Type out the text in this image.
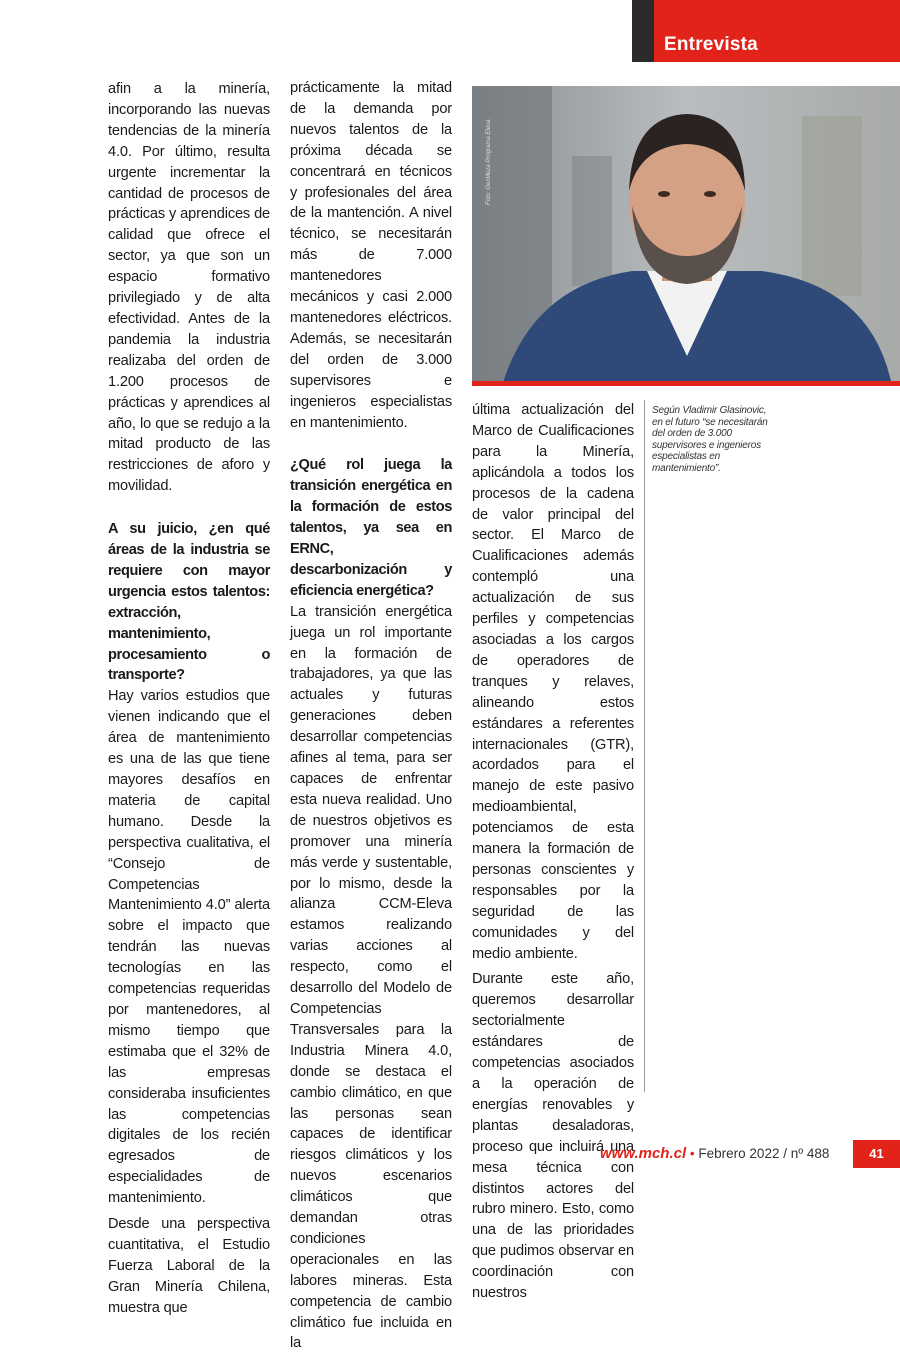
Entrevista

afin a la minería, incorporando las nuevas tendencias de la minería 4.0. Por último, resulta urgente incrementar la cantidad de procesos de prácticas y aprendices de calidad que ofrece el sector, ya que son un espacio formativo privilegiado y de alta efectividad. Antes de la pandemia la industria realizaba del orden de 1.200 procesos de prácticas y aprendices al año, lo que se redujo a la mitad producto de las restricciones de aforo y movilidad.

A su juicio, ¿en qué áreas de la industria se requiere con mayor urgencia estos talentos: extracción, mantenimiento, procesamiento o transporte?

Hay varios estudios que vienen indicando que el área de mantenimiento es una de las que tiene mayores desafíos en materia de capital humano. Desde la perspectiva cualitativa, el “Consejo de Competencias Mantenimiento 4.0” alerta sobre el impacto que tendrán las nuevas tecnologías en las competencias requeridas por mantenedores, al mismo tiempo que estimaba que el 32% de las empresas consideraba insuficientes las competencias digitales de los recién egresados de especialidades de mantenimiento.

Desde una perspectiva cuantitativa, el Estudio Fuerza Laboral de la Gran Minería Chilena, muestra que

prácticamente la mitad de la demanda por nuevos talentos de la próxima década se concentrará en técnicos y profesionales del área de la mantención. A nivel técnico, se necesitarán más de 7.000 mantenedores mecánicos y casi 2.000 mantenedores eléctricos. Además, se necesitarán del orden de 3.000 supervisores e ingenieros especialistas en mantenimiento.

¿Qué rol juega la transición energética en la formación de estos talentos, ya sea en ERNC, descarbonización y eficiencia energética?

La transición energética juega un rol importante en la formación de trabajadores, ya que las actuales y futuras generaciones deben desarrollar competencias afines al tema, para ser capaces de enfrentar esta nueva realidad. Uno de nuestros objetivos es promover una minería más verde y sustentable, por lo mismo, desde la alianza CCM-Eleva estamos realizando varias acciones al respecto, como el desarrollo del Modelo de Competencias Transversales para la Industria Minera 4.0, donde se destaca el cambio climático, en que las personas sean capaces de identificar riesgos climáticos y los nuevos escenarios climáticos que demandan otras condiciones operacionales en las labores mineras. Esta competencia de cambio climático fue incluida en la

Foto: Gentileza Programa Eleva.

última actualización del Marco de Cualificaciones para la Minería, aplicándola a todos los procesos de la cadena de valor principal del sector. El Marco de Cualificaciones además contempló una actualización de sus perfiles y competencias asociadas a los cargos de operadores de tranques y relaves, alineando estos estándares a referentes internacionales (GTR), acordados para el manejo de este pasivo medioambiental, potenciamos de esta manera la formación de personas conscientes y responsables por la seguridad de las comunidades y del medio ambiente.

Durante este año, queremos desarrollar sectorialmente estándares de competencias asociados a la operación de energías renovables y plantas desaladoras, proceso que incluirá una mesa técnica con distintos actores del rubro minero. Esto, como una de las prioridades que pudimos observar en coordinación con nuestros

Según Vladimir Glasinovic, en el futuro “se necesitarán del orden de 3.000 supervisores e ingenieros especialistas en mantenimiento”.
www.mch.cl • Febrero 2022 / nº 488	41
